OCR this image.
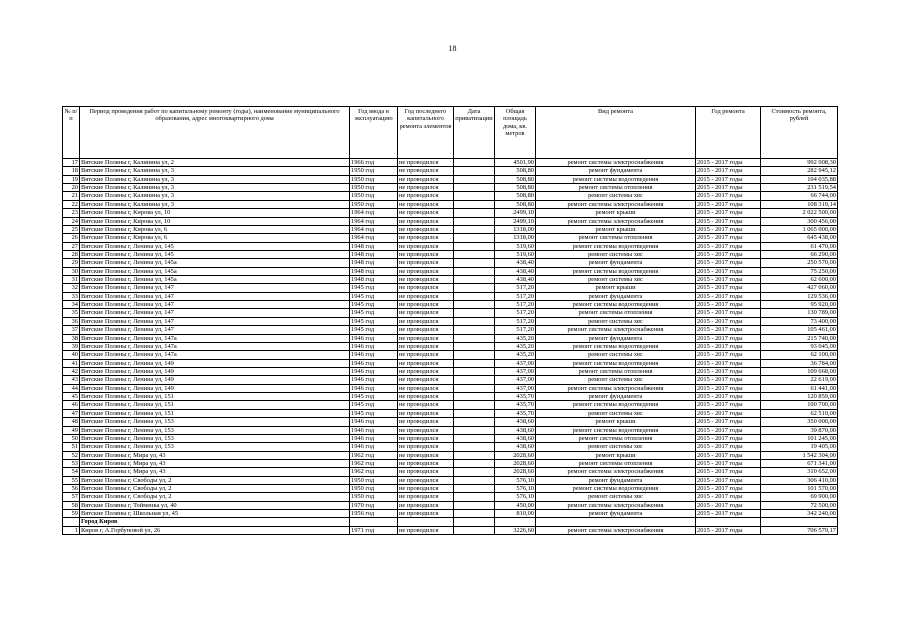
18
№ п/п	Период проведения работ по капитальному ремонту (годы), наименование муниципального образования, адрес многоквартирного дома	Год ввода в эксплуатацию	Год последнего капитального ремонта элементов	Дата приватизации	Общая площадь дома, кв. метров	Вид ремонта	Год ремонта	Стоимость ремонта, рублей
17	Вятские Поляны г, Калинина ул, 2	1966 год	не проводился		4501,90	ремонт системы электроснабжения	2015 - 2017 годы	992 008,30
18	Вятские Поляны г, Калинина ул, 3	1950 год	не проводился		508,80	ремонт фундамента	2015 - 2017 годы	282 945,12
19	Вятские Поляны г, Калинина ул, 3	1950 год	не проводился		508,80	ремонт системы водоотведения	2015 - 2017 годы	104 035,88
20	Вятские Поляны г, Калинина ул, 3	1950 год	не проводился		508,80	ремонт системы отопления	2015 - 2017 годы	231 519,54
21	Вятские Поляны г, Калинина ул, 3	1950 год	не проводился		508,80	ремонт системы хвс	2015 - 2017 годы	66 744,00
22	Вятские Поляны г, Калинина ул, 3	1950 год	не проводился		508,80	ремонт системы электроснабжения	2015 - 2017 годы	108 319,14
23	Вятские Поляны г, Кирова ул, 10	1964 год	не проводился		2499,10	ремонт крыши	2015 - 2017 годы	2 022 500,00
24	Вятские Поляны г, Кирова ул, 10	1964 год	не проводился		2499,10	ремонт системы электроснабжения	2015 - 2017 годы	300 456,00
25	Вятские Поляны г, Кирова ул, 6	1964 год	не проводился		1318,00	ремонт крыши	2015 - 2017 годы	1 065 000,00
26	Вятские Поляны г, Кирова ул, 6	1964 год	не проводился		1318,00	ремонт системы отопления	2015 - 2017 годы	645 438,00
27	Вятские Поляны г, Ленина ул, 145	1948 год	не проводился		519,60	ремонт системы водоотведения	2015 - 2017 годы	61 470,00
28	Вятские Поляны г, Ленина ул, 145	1948 год	не проводился		519,60	ремонт системы хвс	2015 - 2017 годы	66 290,00
29	Вятские Поляны г, Ленина ул, 145а	1948 год	не проводился		438,40	ремонт фундамента	2015 - 2017 годы	250 570,00
30	Вятские Поляны г, Ленина ул, 145а	1948 год	не проводился		438,40	ремонт системы водоотведения	2015 - 2017 годы	75 250,00
31	Вятские Поляны г, Ленина ул, 145а	1948 год	не проводился		438,40	ремонт системы хвс	2015 - 2017 годы	62 600,00
32	Вятские Поляны г, Ленина ул, 147	1945 год	не проводился		517,20	ремонт крыши	2015 - 2017 годы	427 060,00
33	Вятские Поляны г, Ленина ул, 147	1945 год	не проводился		517,20	ремонт фундамента	2015 - 2017 годы	129 536,00
34	Вятские Поляны г, Ленина ул, 147	1945 год	не проводился		517,20	ремонт системы водоотведения	2015 - 2017 годы	95 920,00
35	Вятские Поляны г, Ленина ул, 147	1945 год	не проводился		517,20	ремонт системы отопления	2015 - 2017 годы	130 789,00
36	Вятские Поляны г, Ленина ул, 147	1945 год	не проводился		517,20	ремонт системы хвс	2015 - 2017 годы	73 400,00
37	Вятские Поляны г, Ленина ул, 147	1945 год	не проводился		517,20	ремонт системы электроснабжения	2015 - 2017 годы	105 461,00
38	Вятские Поляны г, Ленина ул, 147а	1946 год	не проводился		435,20	ремонт фундамента	2015 - 2017 годы	215 740,00
39	Вятские Поляны г, Ленина ул, 147а	1946 год	не проводился		435,20	ремонт системы водоотведения	2015 - 2017 годы	93 045,00
40	Вятские Поляны г, Ленина ул, 147а	1946 год	не проводился		435,20	ремонт системы хвс	2015 - 2017 годы	62 100,00
41	Вятские Поляны г, Ленина ул, 149	1946 год	не проводился		437,00	ремонт системы водоотведения	2015 - 2017 годы	36 784,00
42	Вятские Поляны г, Ленина ул, 149	1946 год	не проводился		437,00	ремонт системы отопления	2015 - 2017 годы	109 668,00
43	Вятские Поляны г, Ленина ул, 149	1946 год	не проводился		437,00	ремонт системы хвс	2015 - 2017 годы	22 619,00
44	Вятские Поляны г, Ленина ул, 149	1946 год	не проводился		437,00	ремонт системы электроснабжения	2015 - 2017 годы	61 441,00
45	Вятские Поляны г, Ленина ул, 151	1945 год	не проводился		435,70	ремонт фундамента	2015 - 2017 годы	120 859,00
46	Вятские Поляны г, Ленина ул, 151	1945 год	не проводился		435,70	ремонт системы водоотведения	2015 - 2017 годы	100 700,00
47	Вятские Поляны г, Ленина ул, 151	1945 год	не проводился		435,70	ремонт системы хвс	2015 - 2017 годы	62 510,00
48	Вятские Поляны г, Ленина ул, 153	1946 год	не проводился		438,60	ремонт крыши	2015 - 2017 годы	350 000,00
49	Вятские Поляны г, Ленина ул, 153	1946 год	не проводился		438,60	ремонт системы водоотведения	2015 - 2017 годы	39 870,00
50	Вятские Поляны г, Ленина ул, 153	1946 год	не проводился		438,60	ремонт системы отопления	2015 - 2017 годы	101 245,00
51	Вятские Поляны г, Ленина ул, 153	1946 год	не проводился		438,60	ремонт системы хвс	2015 - 2017 годы	19 405,00
52	Вятские Поляны г, Мира ул, 43	1962 год	не проводился		2028,60	ремонт крыши	2015 - 2017 годы	1 542 304,00
53	Вятские Поляны г, Мира ул, 43	1962 год	не проводился		2028,60	ремонт системы отопления	2015 - 2017 годы	671 341,00
54	Вятские Поляны г, Мира ул, 43	1962 год	не проводился		2028,60	ремонт системы электроснабжения	2015 - 2017 годы	310 652,00
55	Вятские Поляны г, Свободы ул, 2	1950 год	не проводился		576,10	ремонт фундамента	2015 - 2017 годы	306 410,00
56	Вятские Поляны г, Свободы ул, 2	1950 год	не проводился		576,10	ремонт системы водоотведения	2015 - 2017 годы	101 570,00
57	Вятские Поляны г, Свободы ул, 2	1950 год	не проводился		576,10	ремонт системы хвс	2015 - 2017 годы	69 900,00
58	Вятские Поляны г, Тойменка ул, 40	1970 год	не проводился		450,00	ремонт системы электроснабжения	2015 - 2017 годы	72 500,00
59	Вятские Поляны г, Школьная ул, 45	1956 год	не проводился		810,00	ремонт фундамента	2015 - 2017 годы	342 240,00
	Город Киров							
1	Киров г, А.Горбуновой ул, 26	1971 год	не проводился		3226,60	ремонт системы электроснабжения	2015 - 2017 годы	706 579,17
